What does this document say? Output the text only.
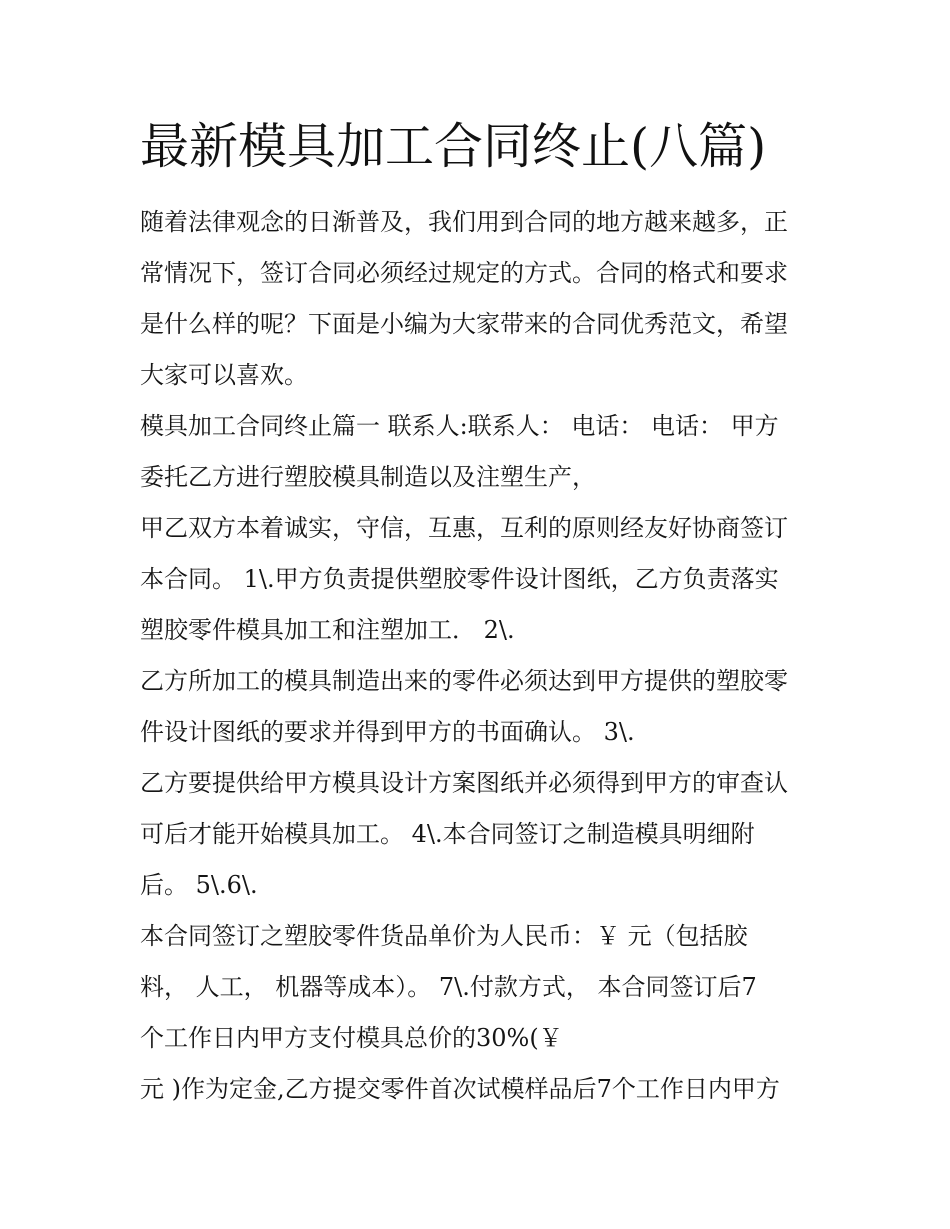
最新模具加工合同终止(八篇)
随着法律观念的日渐普及，我们用到合同的地方越来越多，正
常情况下，签订合同必须经过规定的方式。合同的格式和要求
是什么样的呢？下面是小编为大家带来的合同优秀范文，希望
大家可以喜欢。
模具加工合同终止篇一 联系人:联系人： 电话： 电话： 甲方
委托乙方进行塑胶模具制造以及注塑生产，
甲乙双方本着诚实，守信，互惠，互利的原则经友好协商签订
本合同。 1\.甲方负责提供塑胶零件设计图纸，乙方负责落实
塑胶零件模具加工和注塑加工． 2\.
乙方所加工的模具制造出来的零件必须达到甲方提供的塑胶零
件设计图纸的要求并得到甲方的书面确认。 3\.
乙方要提供给甲方模具设计方案图纸并必须得到甲方的审查认
可后才能开始模具加工。 4\.本合同签订之制造模具明细附
后。 5\.6\.
本合同签订之塑胶零件货品单价为人民币：￥ 元（包括胶
料， 人工， 机器等成本）。 7\.付款方式， 本合同签订后7
个工作日内甲方支付模具总价的30%(￥
元 )作为定金,乙方提交零件首次试模样品后7个工作日内甲方
